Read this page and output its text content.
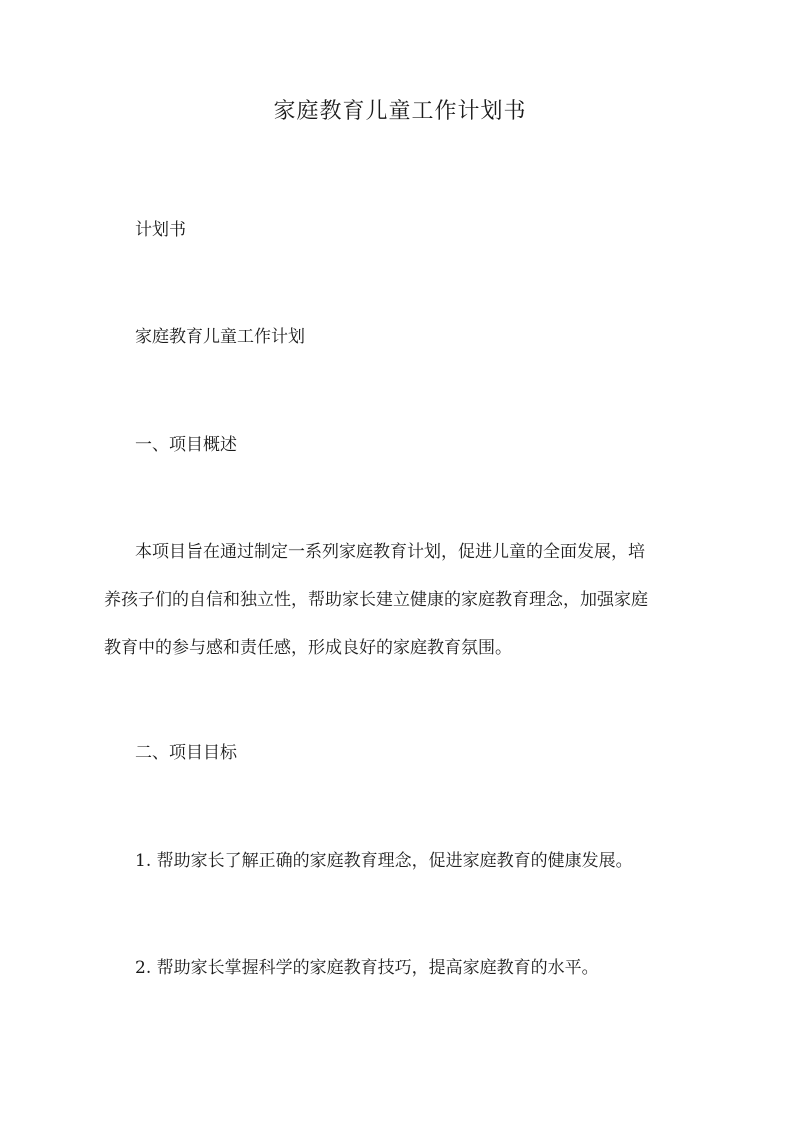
家庭教育儿童工作计划书

计划书

家庭教育儿童工作计划

一、项目概述

本项目旨在通过制定一系列家庭教育计划，促进儿童的全面发展，培
养孩子们的自信和独立性，帮助家长建立健康的家庭教育理念，加强家庭
教育中的参与感和责任感，形成良好的家庭教育氛围。

二、项目目标

1. 帮助家长了解正确的家庭教育理念，促进家庭教育的健康发展。

2. 帮助家长掌握科学的家庭教育技巧，提高家庭教育的水平。
